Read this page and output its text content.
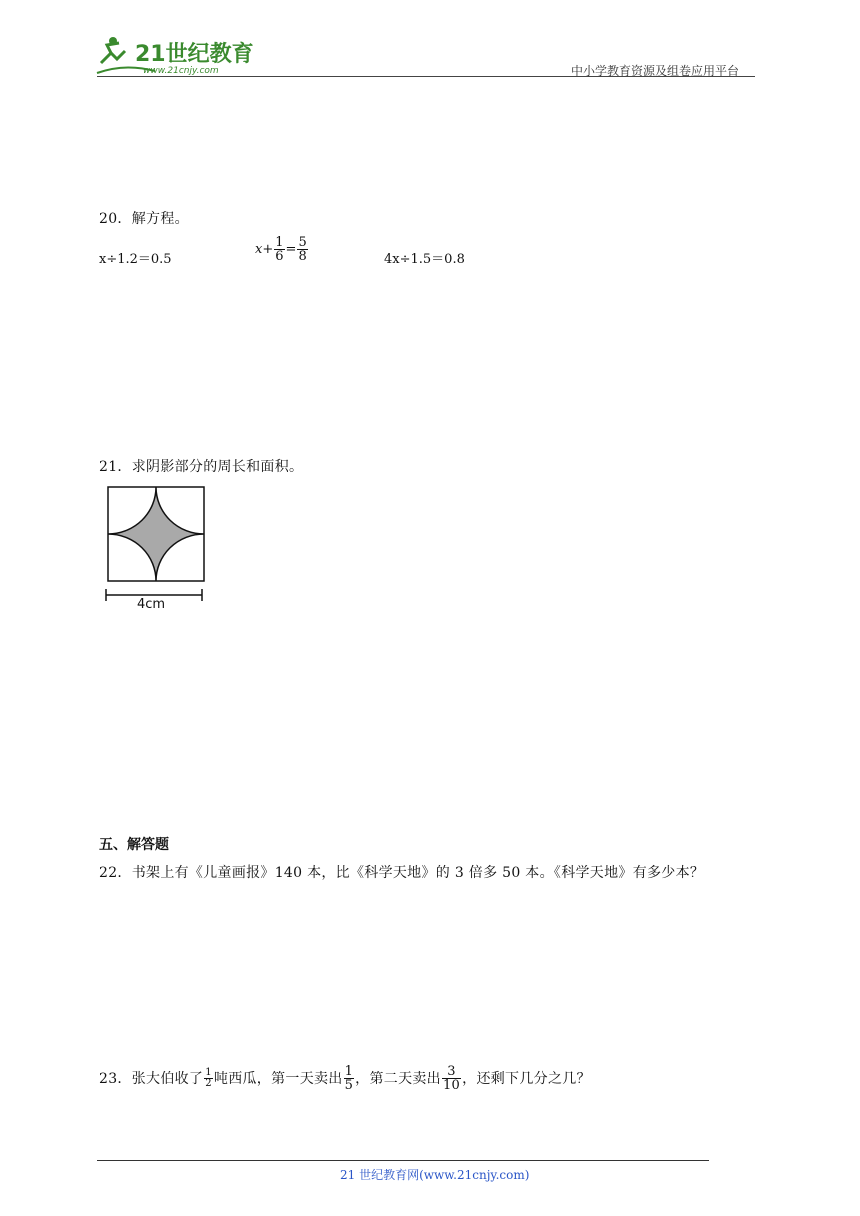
21世纪教育
www.21cnjy.com	中小学教育资源及组卷应用平台
20．解方程。
x÷1.2＝0.5
$x+ \frac{1}{6} = \frac{5}{8}$	4x÷1.5＝0.8
21．求阴影部分的周长和面积。
4cm
五、解答题
22．书架上有《儿童画报》140 本，比《科学天地》的 3 倍多 50 本。《科学天地》有多少本？
23．张大伯收了 $\frac{1}{2}$ 吨西瓜，第一天卖出 $\frac{1}{5}$ ，第二天卖出 $\frac{3}{10}$ ，还剩下几分之几？
21 世纪教育网(www.21cnjy.com)
